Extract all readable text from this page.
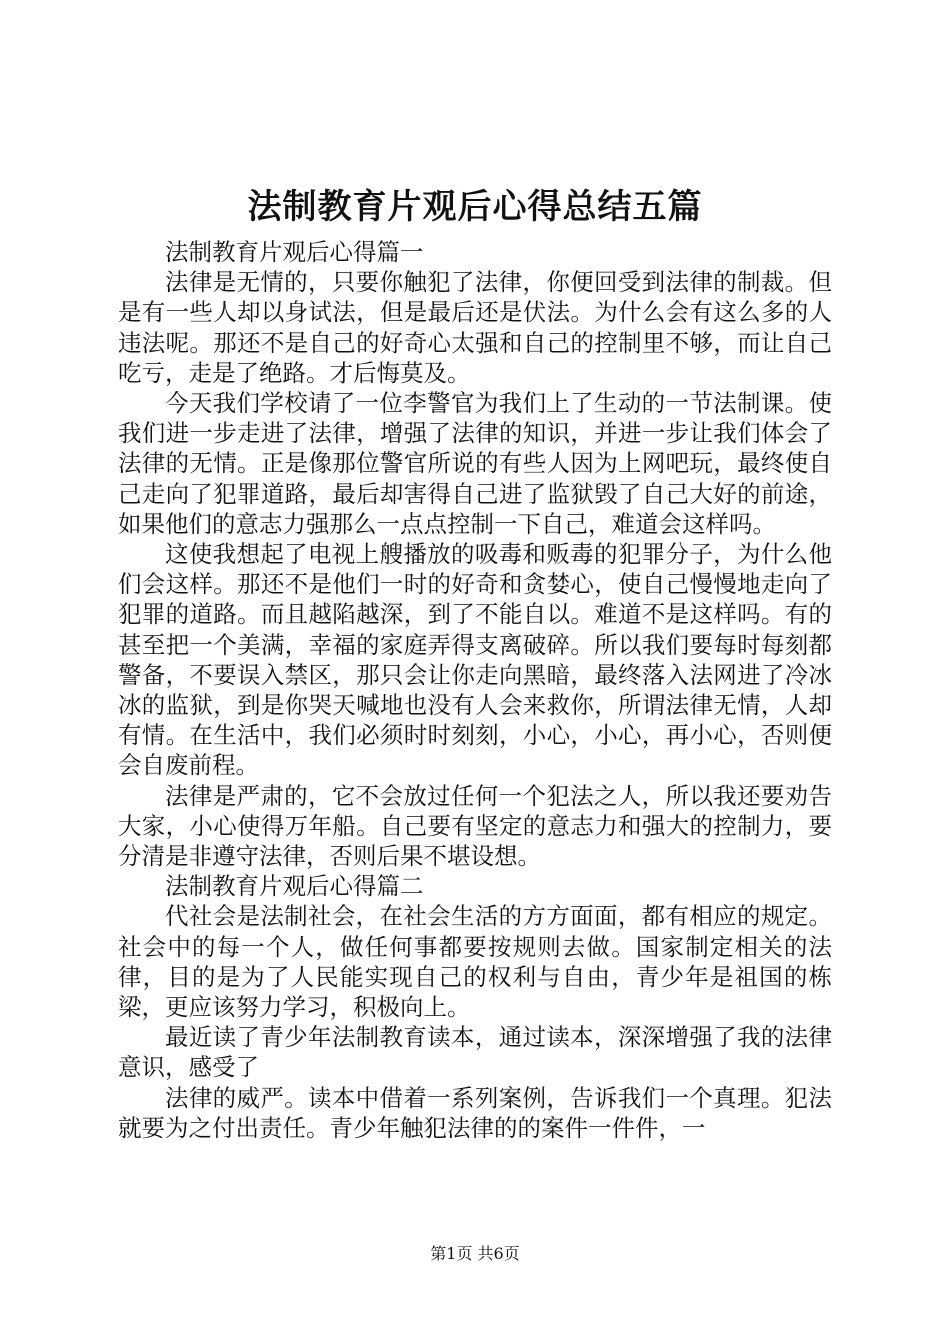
法制教育片观后心得总结五篇

法制教育片观后心得篇一

法律是无情的，只要你触犯了法律，你便回受到法律的制裁。但是有一些人却以身试法，但是最后还是伏法。为什么会有这么多的人违法呢。那还不是自己的好奇心太强和自己的控制里不够，而让自己吃亏，走是了绝路。才后悔莫及。

今天我们学校请了一位李警官为我们上了生动的一节法制课。使我们进一步走进了法律，增强了法律的知识，并进一步让我们体会了法律的无情。正是像那位警官所说的有些人因为上网吧玩，最终使自己走向了犯罪道路，最后却害得自己进了监狱毁了自己大好的前途，如果他们的意志力强那么一点点控制一下自己，难道会这样吗。

这使我想起了电视上艘播放的吸毒和贩毒的犯罪分子，为什么他们会这样。那还不是他们一时的好奇和贪婪心，使自己慢慢地走向了犯罪的道路。而且越陷越深，到了不能自以。难道不是这样吗。有的甚至把一个美满，幸福的家庭弄得支离破碎。所以我们要每时每刻都警备，不要误入禁区，那只会让你走向黑暗，最终落入法网进了冷冰冰的监狱，到是你哭天喊地也没有人会来救你，所谓法律无情，人却有情。在生活中，我们必须时时刻刻，小心，小心，再小心，否则便会自废前程。

法律是严肃的，它不会放过任何一个犯法之人，所以我还要劝告大家，小心使得万年船。自己要有坚定的意志力和强大的控制力，要分清是非遵守法律，否则后果不堪设想。

法制教育片观后心得篇二

代社会是法制社会，在社会生活的方方面面，都有相应的规定。社会中的每一个人，做任何事都要按规则去做。国家制定相关的法律，目的是为了人民能实现自己的权利与自由，青少年是祖国的栋梁，更应该努力学习，积极向上。

最近读了青少年法制教育读本，通过读本，深深增强了我的法律意识，感受了

法律的威严。读本中借着一系列案例，告诉我们一个真理。犯法就要为之付出责任。青少年触犯法律的的案件一件件，一

第1页 共6页
